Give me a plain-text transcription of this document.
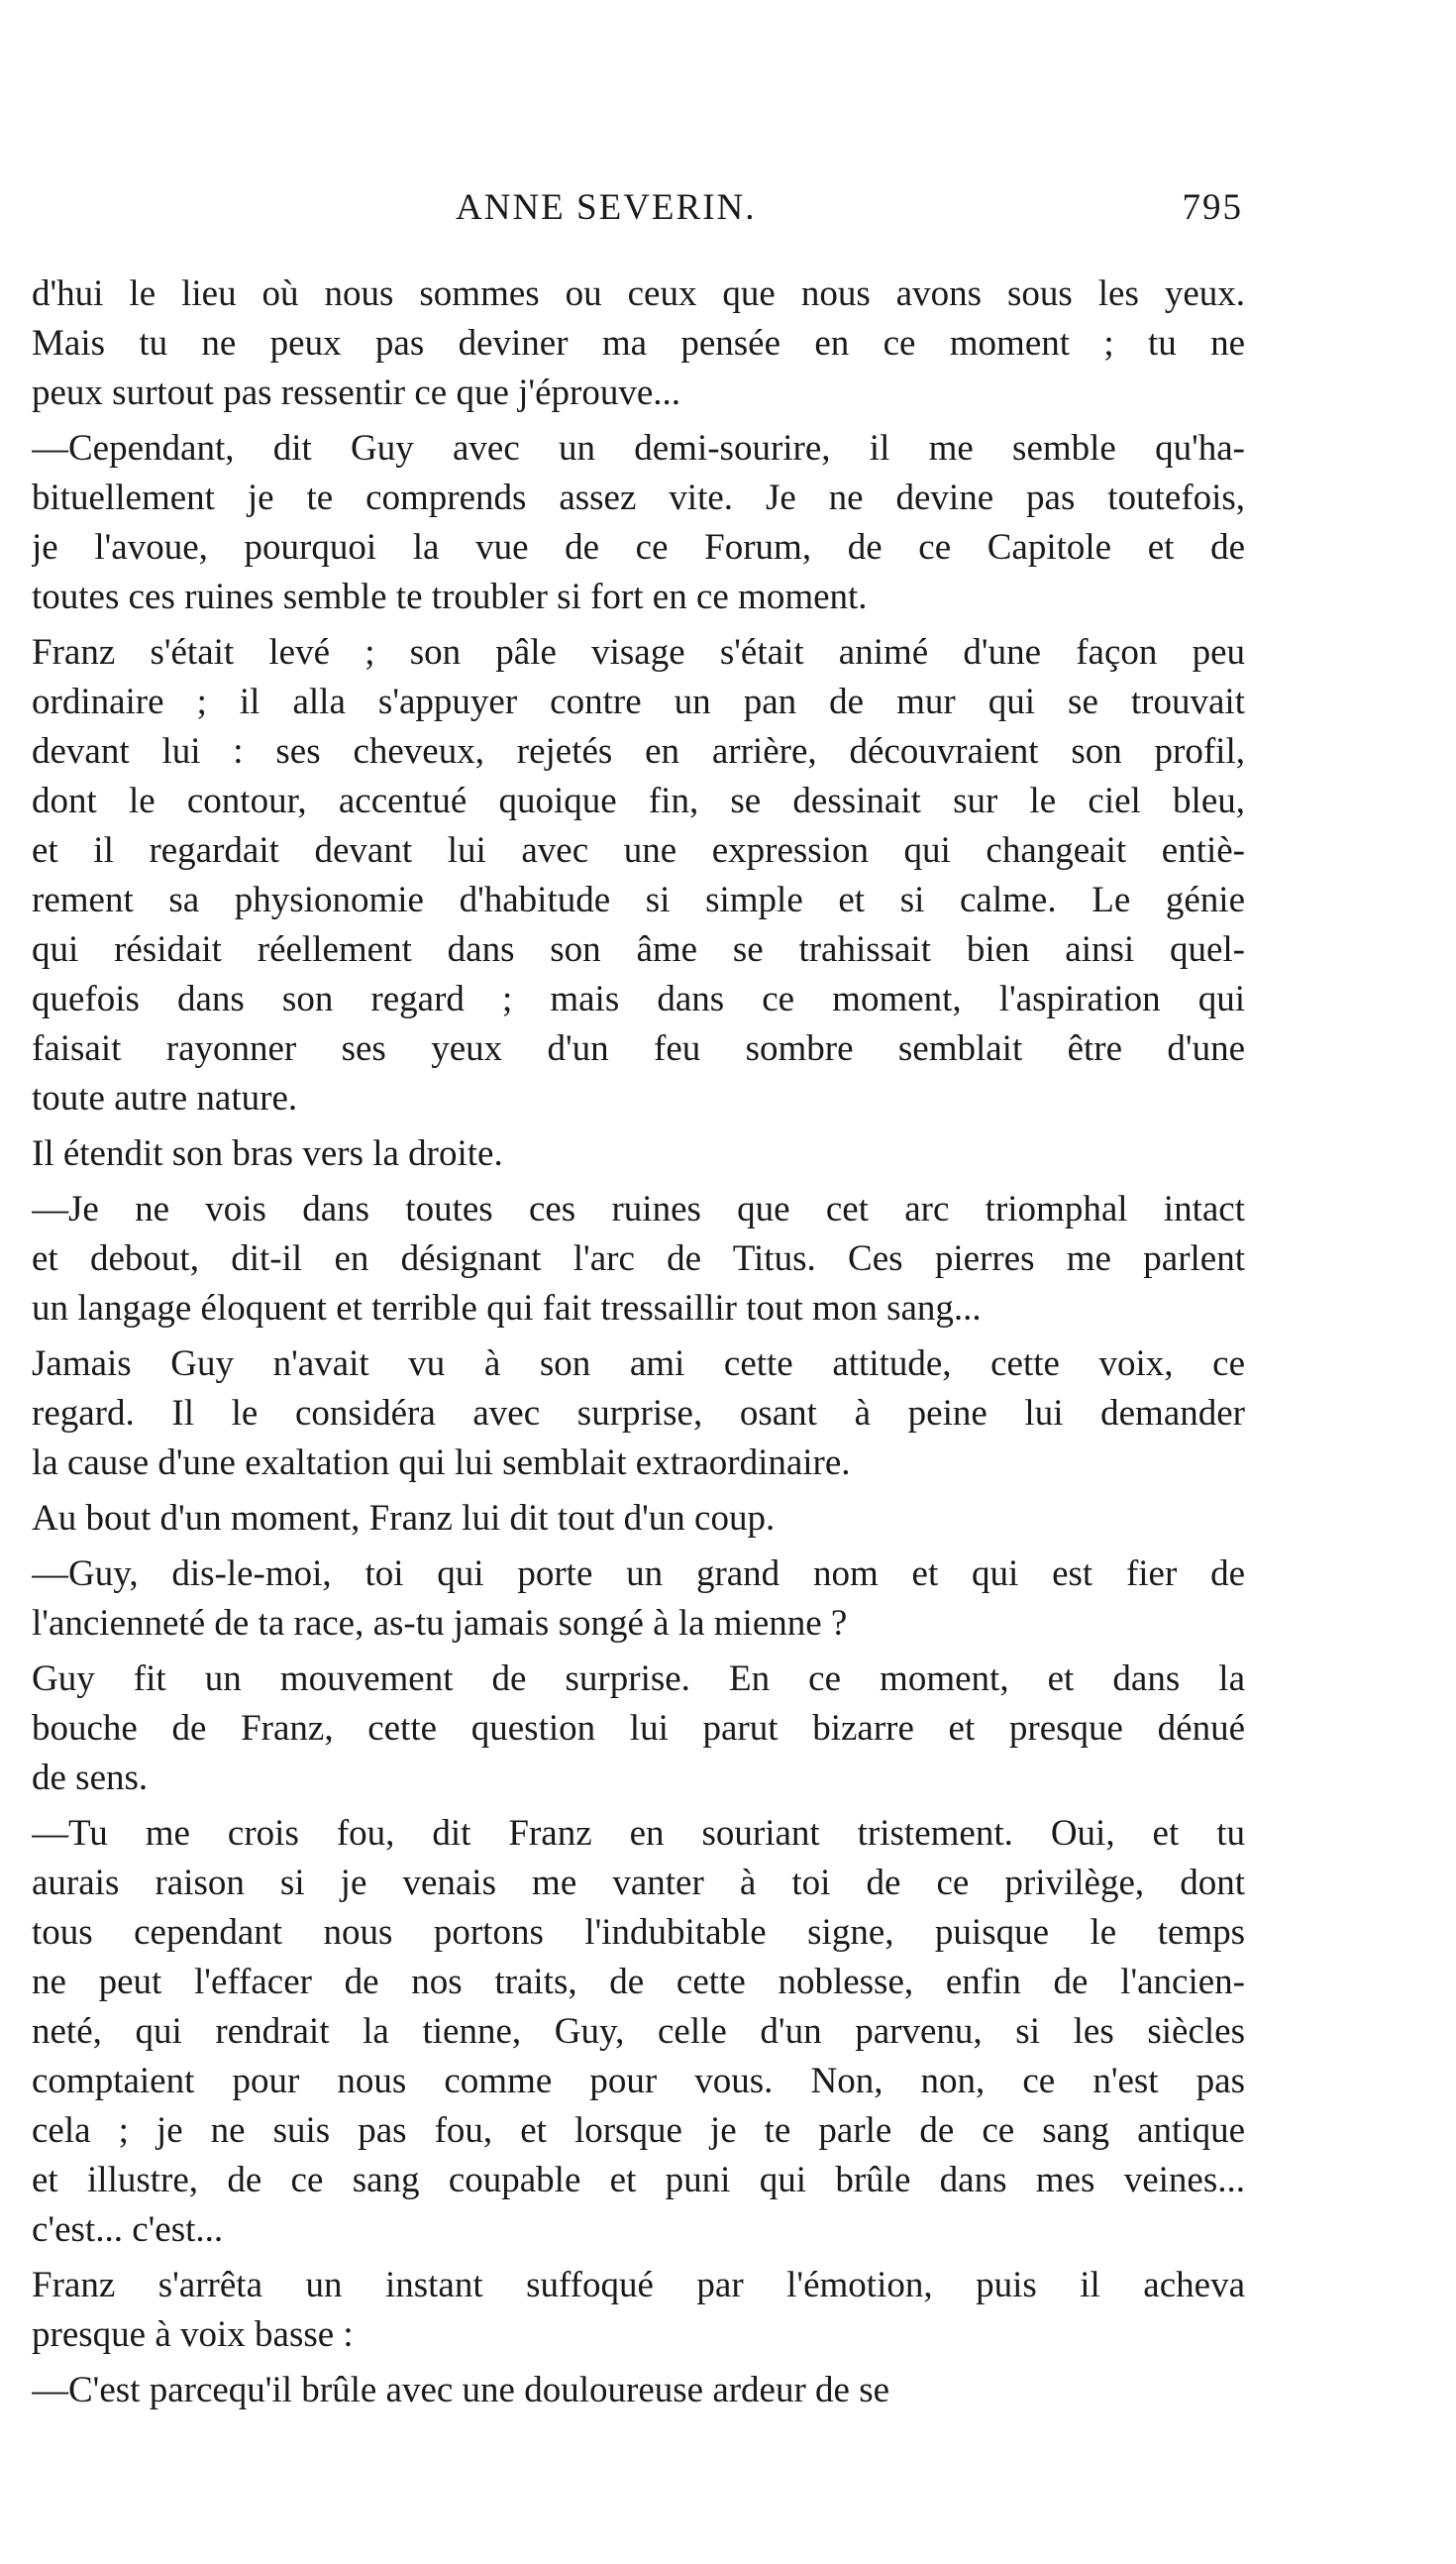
ANNE SEVERIN.	795
d'hui le lieu où nous sommes ou ceux que nous avons sous les yeux.
Mais tu ne peux pas deviner ma pensée en ce moment ; tu ne
peux surtout pas ressentir ce que j'éprouve...
—Cependant, dit Guy avec un demi-sourire, il me semble qu'ha-
bituellement je te comprends assez vite. Je ne devine pas toutefois,
je l'avoue, pourquoi la vue de ce Forum, de ce Capitole et de
toutes ces ruines semble te troubler si fort en ce moment.
Franz s'était levé ; son pâle visage s'était animé d'une façon peu
ordinaire ; il alla s'appuyer contre un pan de mur qui se trouvait
devant lui : ses cheveux, rejetés en arrière, découvraient son profil,
dont le contour, accentué quoique fin, se dessinait sur le ciel bleu,
et il regardait devant lui avec une expression qui changeait entiè-
rement sa physionomie d'habitude si simple et si calme. Le génie
qui résidait réellement dans son âme se trahissait bien ainsi quel-
quefois dans son regard ; mais dans ce moment, l'aspiration qui
faisait rayonner ses yeux d'un feu sombre semblait être d'une
toute autre nature.
Il étendit son bras vers la droite.
—Je ne vois dans toutes ces ruines que cet arc triomphal intact
et debout, dit-il en désignant l'arc de Titus. Ces pierres me parlent
un langage éloquent et terrible qui fait tressaillir tout mon sang...
Jamais Guy n'avait vu à son ami cette attitude, cette voix, ce
regard. Il le considéra avec surprise, osant à peine lui demander
la cause d'une exaltation qui lui semblait extraordinaire.
Au bout d'un moment, Franz lui dit tout d'un coup.
—Guy, dis-le-moi, toi qui porte un grand nom et qui est fier de
l'ancienneté de ta race, as-tu jamais songé à la mienne ?
Guy fit un mouvement de surprise. En ce moment, et dans la
bouche de Franz, cette question lui parut bizarre et presque dénué
de sens.
—Tu me crois fou, dit Franz en souriant tristement. Oui, et tu
aurais raison si je venais me vanter à toi de ce privilège, dont
tous cependant nous portons l'indubitable signe, puisque le temps
ne peut l'effacer de nos traits, de cette noblesse, enfin de l'ancien-
neté, qui rendrait la tienne, Guy, celle d'un parvenu, si les siècles
comptaient pour nous comme pour vous. Non, non, ce n'est pas
cela ; je ne suis pas fou, et lorsque je te parle de ce sang antique
et illustre, de ce sang coupable et puni qui brûle dans mes veines...
c'est... c'est...
Franz s'arrêta un instant suffoqué par l'émotion, puis il acheva
presque à voix basse :
—C'est parcequ'il brûle avec une douloureuse ardeur de se
